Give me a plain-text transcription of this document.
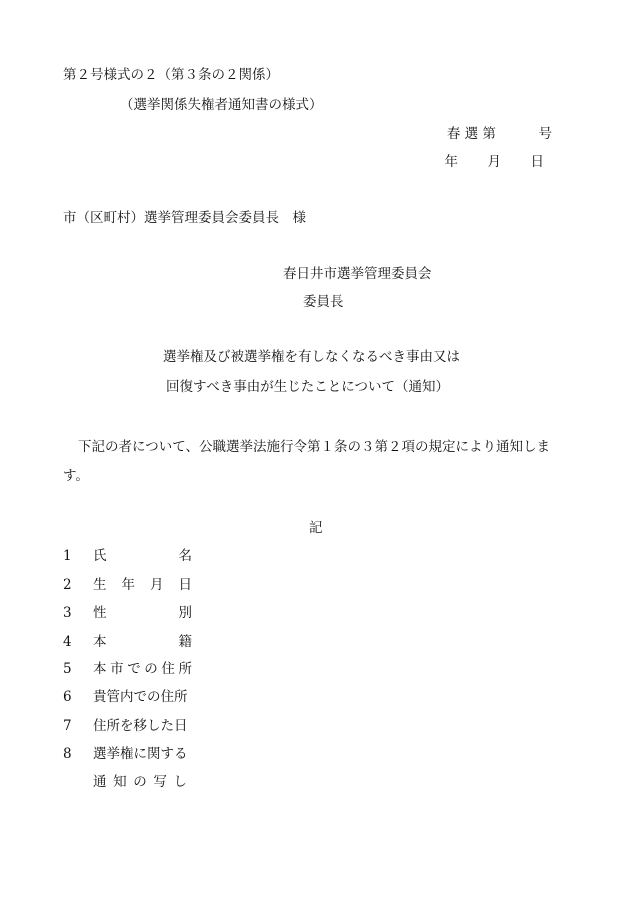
第２号様式の２（第３条の２関係）
（選挙関係失権者通知書の様式）
春 選 第	号
年　月　日
市（区町村）選挙管理委員会委員長　様
春日井市選挙管理委員会
委員長
選挙権及び被選挙権を有しなくなるべき事由又は
回復すべき事由が生じたことについて（通知）
下記の者について、公職選挙法施行令第１条の３第２項の規定により通知します。
記
1 氏名
2 生年月日
3 性別
4 本籍
5 本市での住所
6 貴管内での住所
7 住所を移した日
8 選挙権に関する
通知の写し
